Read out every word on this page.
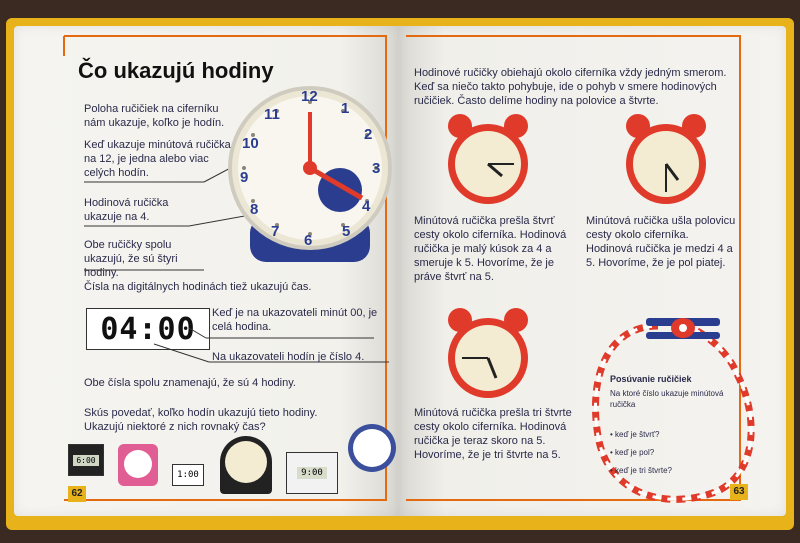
Čo ukazujú hodiny
Poloha ručičiek na ciferníku nám ukazuje, koľko je hodín.
Keď ukazuje minútová ručička na 12, je jedna alebo viac celých hodín.
Hodinová ručička ukazuje na 4.
Obe ručičky spolu ukazujú, že sú štyri hodiny.
12
1
2
3
6
7
8
9
10
11
4
5
Čísla na digitálnych hodinách tiež ukazujú čas.
04:00 Keď je na ukazovateli minút 00, je celá hodina.
Na ukazovateli hodín je číslo 4.
Obe čísla spolu znamenajú, že sú 4 hodiny.
Skús povedať, koľko hodín ukazujú tieto hodiny. Ukazujú niektoré z nich rovnaký čas?
6:00
1:00	9:00
62
Hodinové ručičky obiehajú okolo ciferníka vždy jedným smerom. Keď sa niečo takto pohybuje, ide o pohyb v smere hodinových ručičiek. Často delíme hodiny na polovice a štvrte.
Minútová ručička prešla štvrť cesty okolo ciferníka. Hodinová ručička je malý kúsok za 4 a smeruje k 5. Hovoríme, že je práve štvrť na 5.
Minútová ručička ušla polovicu cesty okolo ciferníka. Hodinová ručička je medzi 4 a 5. Hovoríme, že je pol piatej.
Minútová ručička prešla tri štvrte cesty okolo ciferníka. Hodinová ručička je teraz skoro na 5. Hovoríme, že je tri štvrte na 5.
Posúvanie ručičiek
Na ktoré číslo ukazuje minútová ručička
• keď je štvrť?
• keď je pol?
• keď je tri štvrte?
63
